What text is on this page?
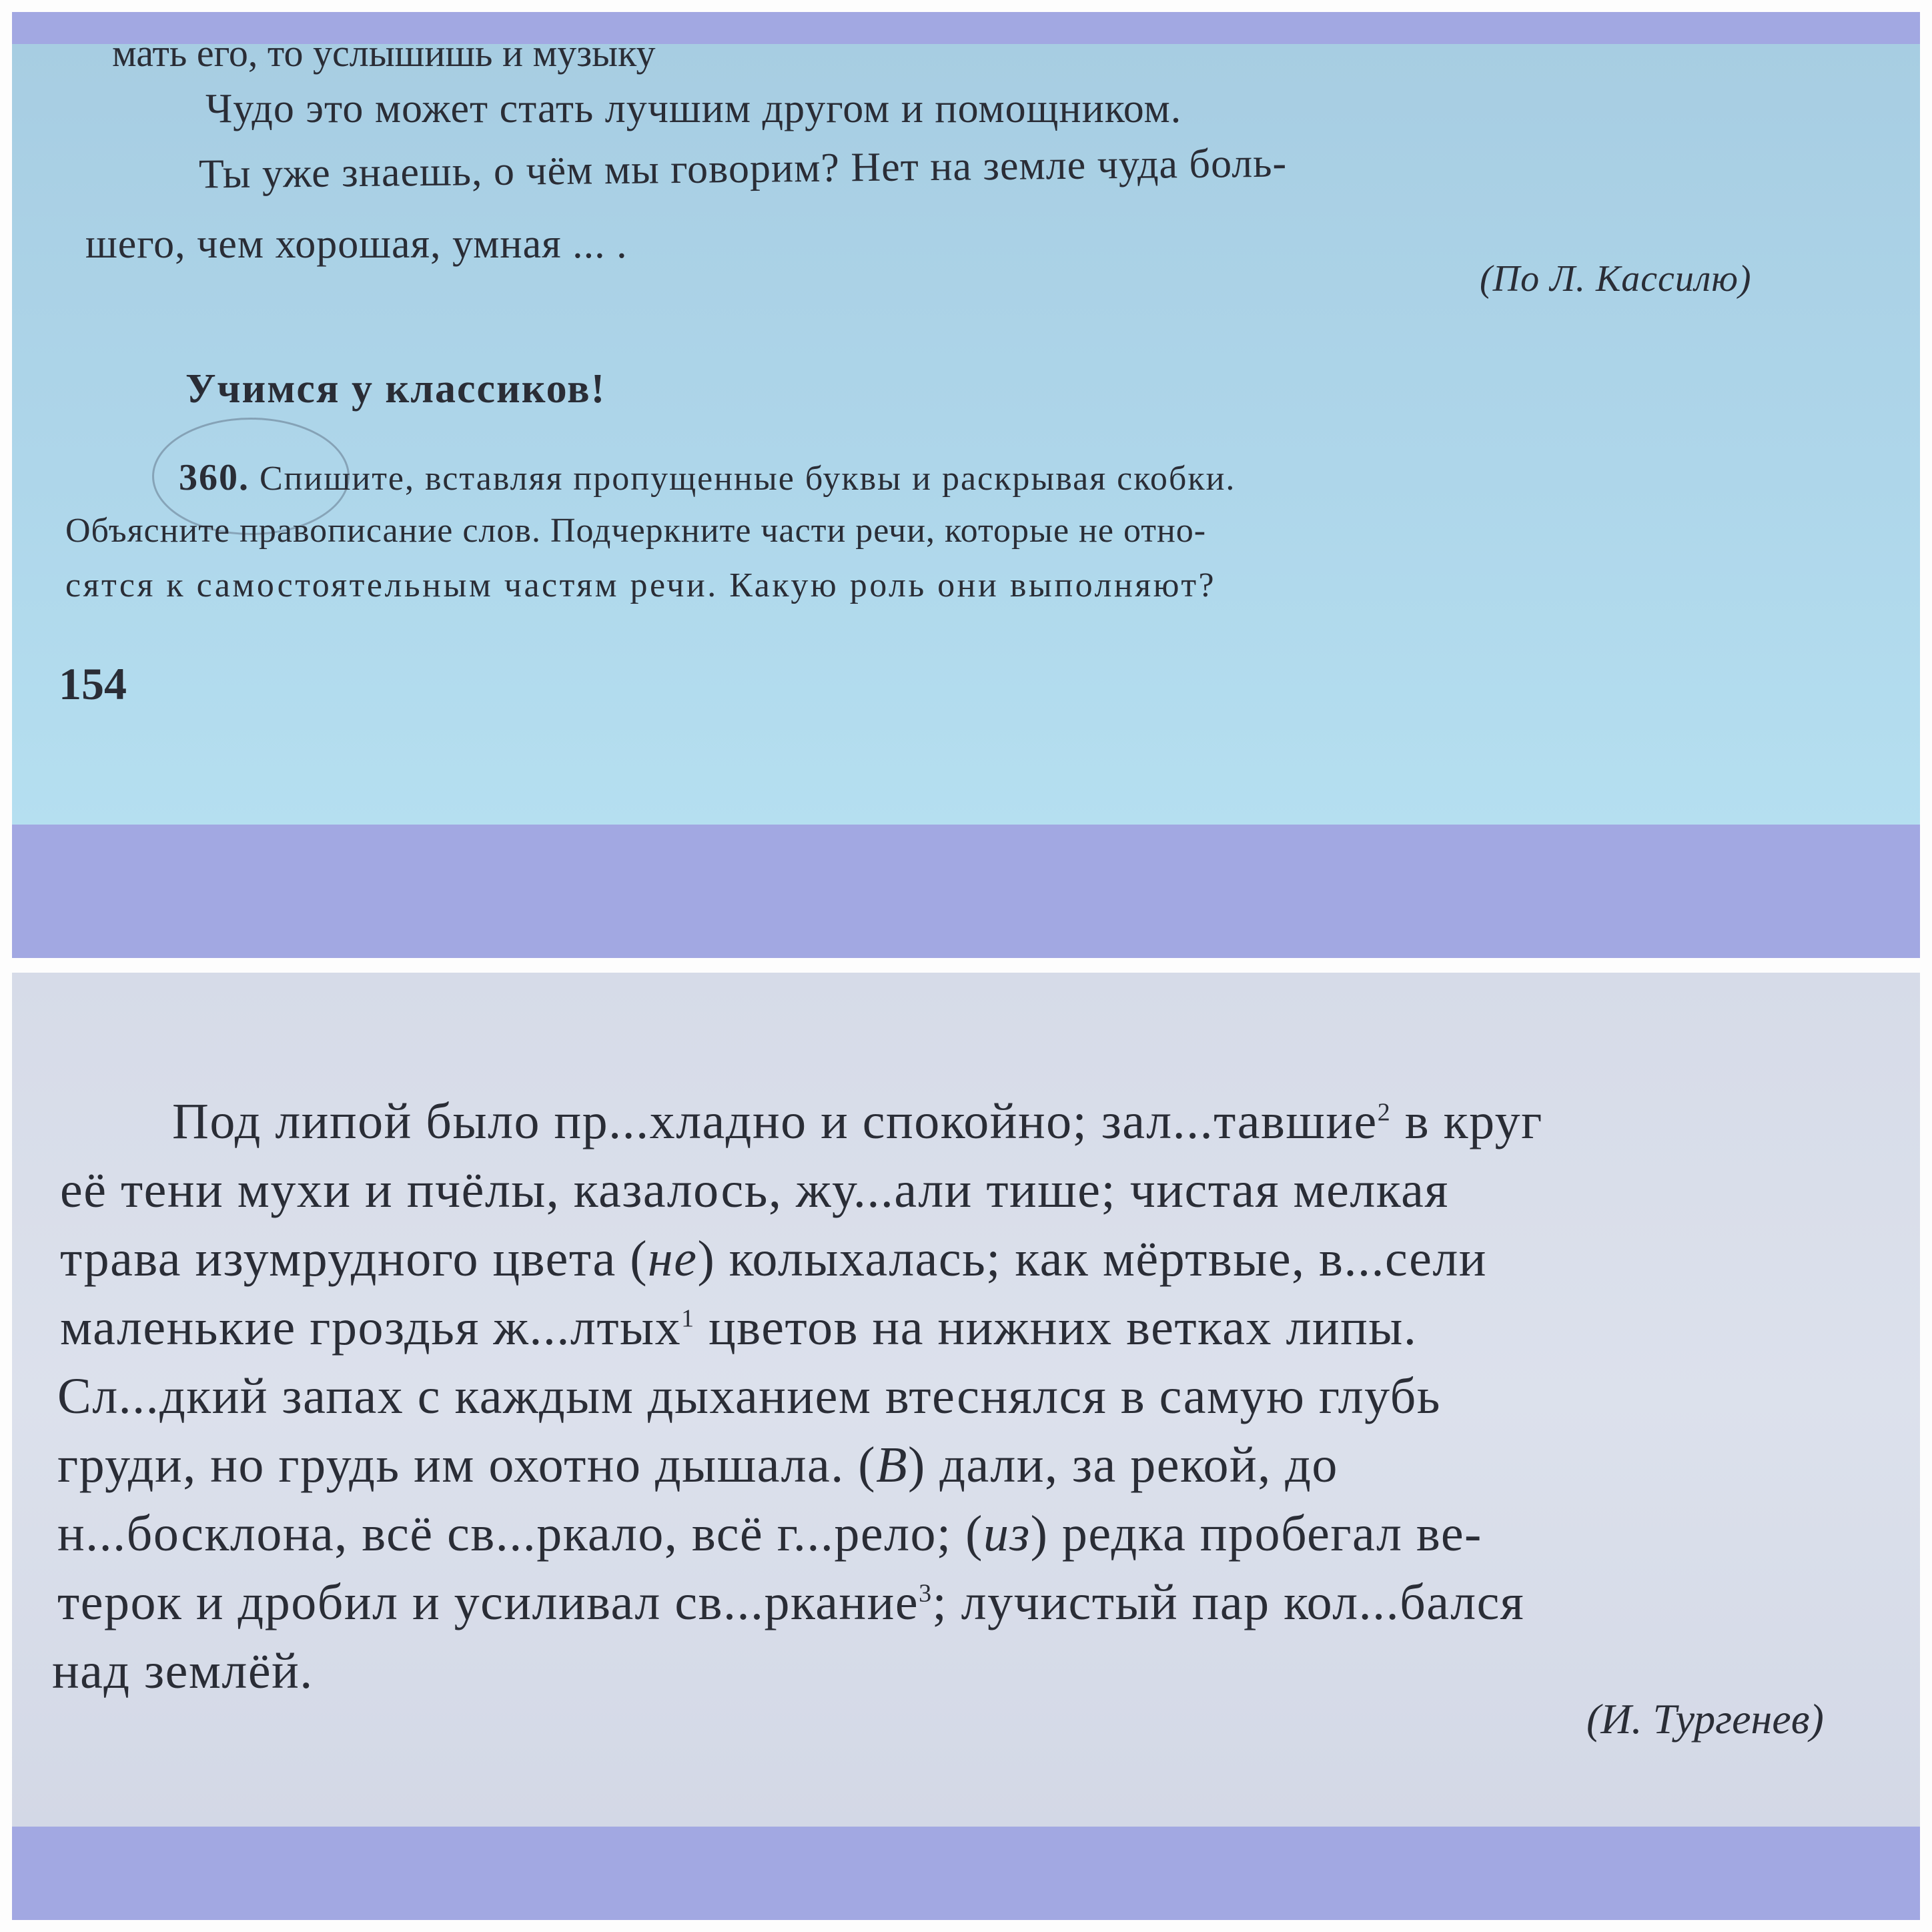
мать его, то услышишь и музыку
Чудо это может стать лучшим другом и помощником.
Ты уже знаешь, о чём мы говорим? Нет на земле чуда боль-
шего, чем хорошая, умная ... .
(По Л. Кассилю)
Учимся у классиков!
360. Спишите, вставляя пропущенные буквы и раскрывая скобки.
Объясните правописание слов. Подчеркните части речи, которые не отно-
сятся к самостоятельным частям речи. Какую роль они выполняют?
154
Под липой было пр...хладно и спокойно; зал...тавшие$^2$ в круг
её тени мухи и пчёлы, казалось, жу...али тише; чистая мелкая
трава изумрудного цвета (не) колыхалась; как мёртвые, в...сели
маленькие гроздья ж...лтых$^1$ цветов на нижних ветках липы.
Сл...дкий запах с каждым дыханием втеснялся в самую глубь
груди, но грудь им охотно дышала. (В) дали, за рекой, до
н...босклона, всё св...ркало, всё г...рело; (из) редка пробегал ве-
терок и дробил и усиливал св...ркание$^3$; лучистый пар кол...бался
над землёй.
(И. Тургенев)
